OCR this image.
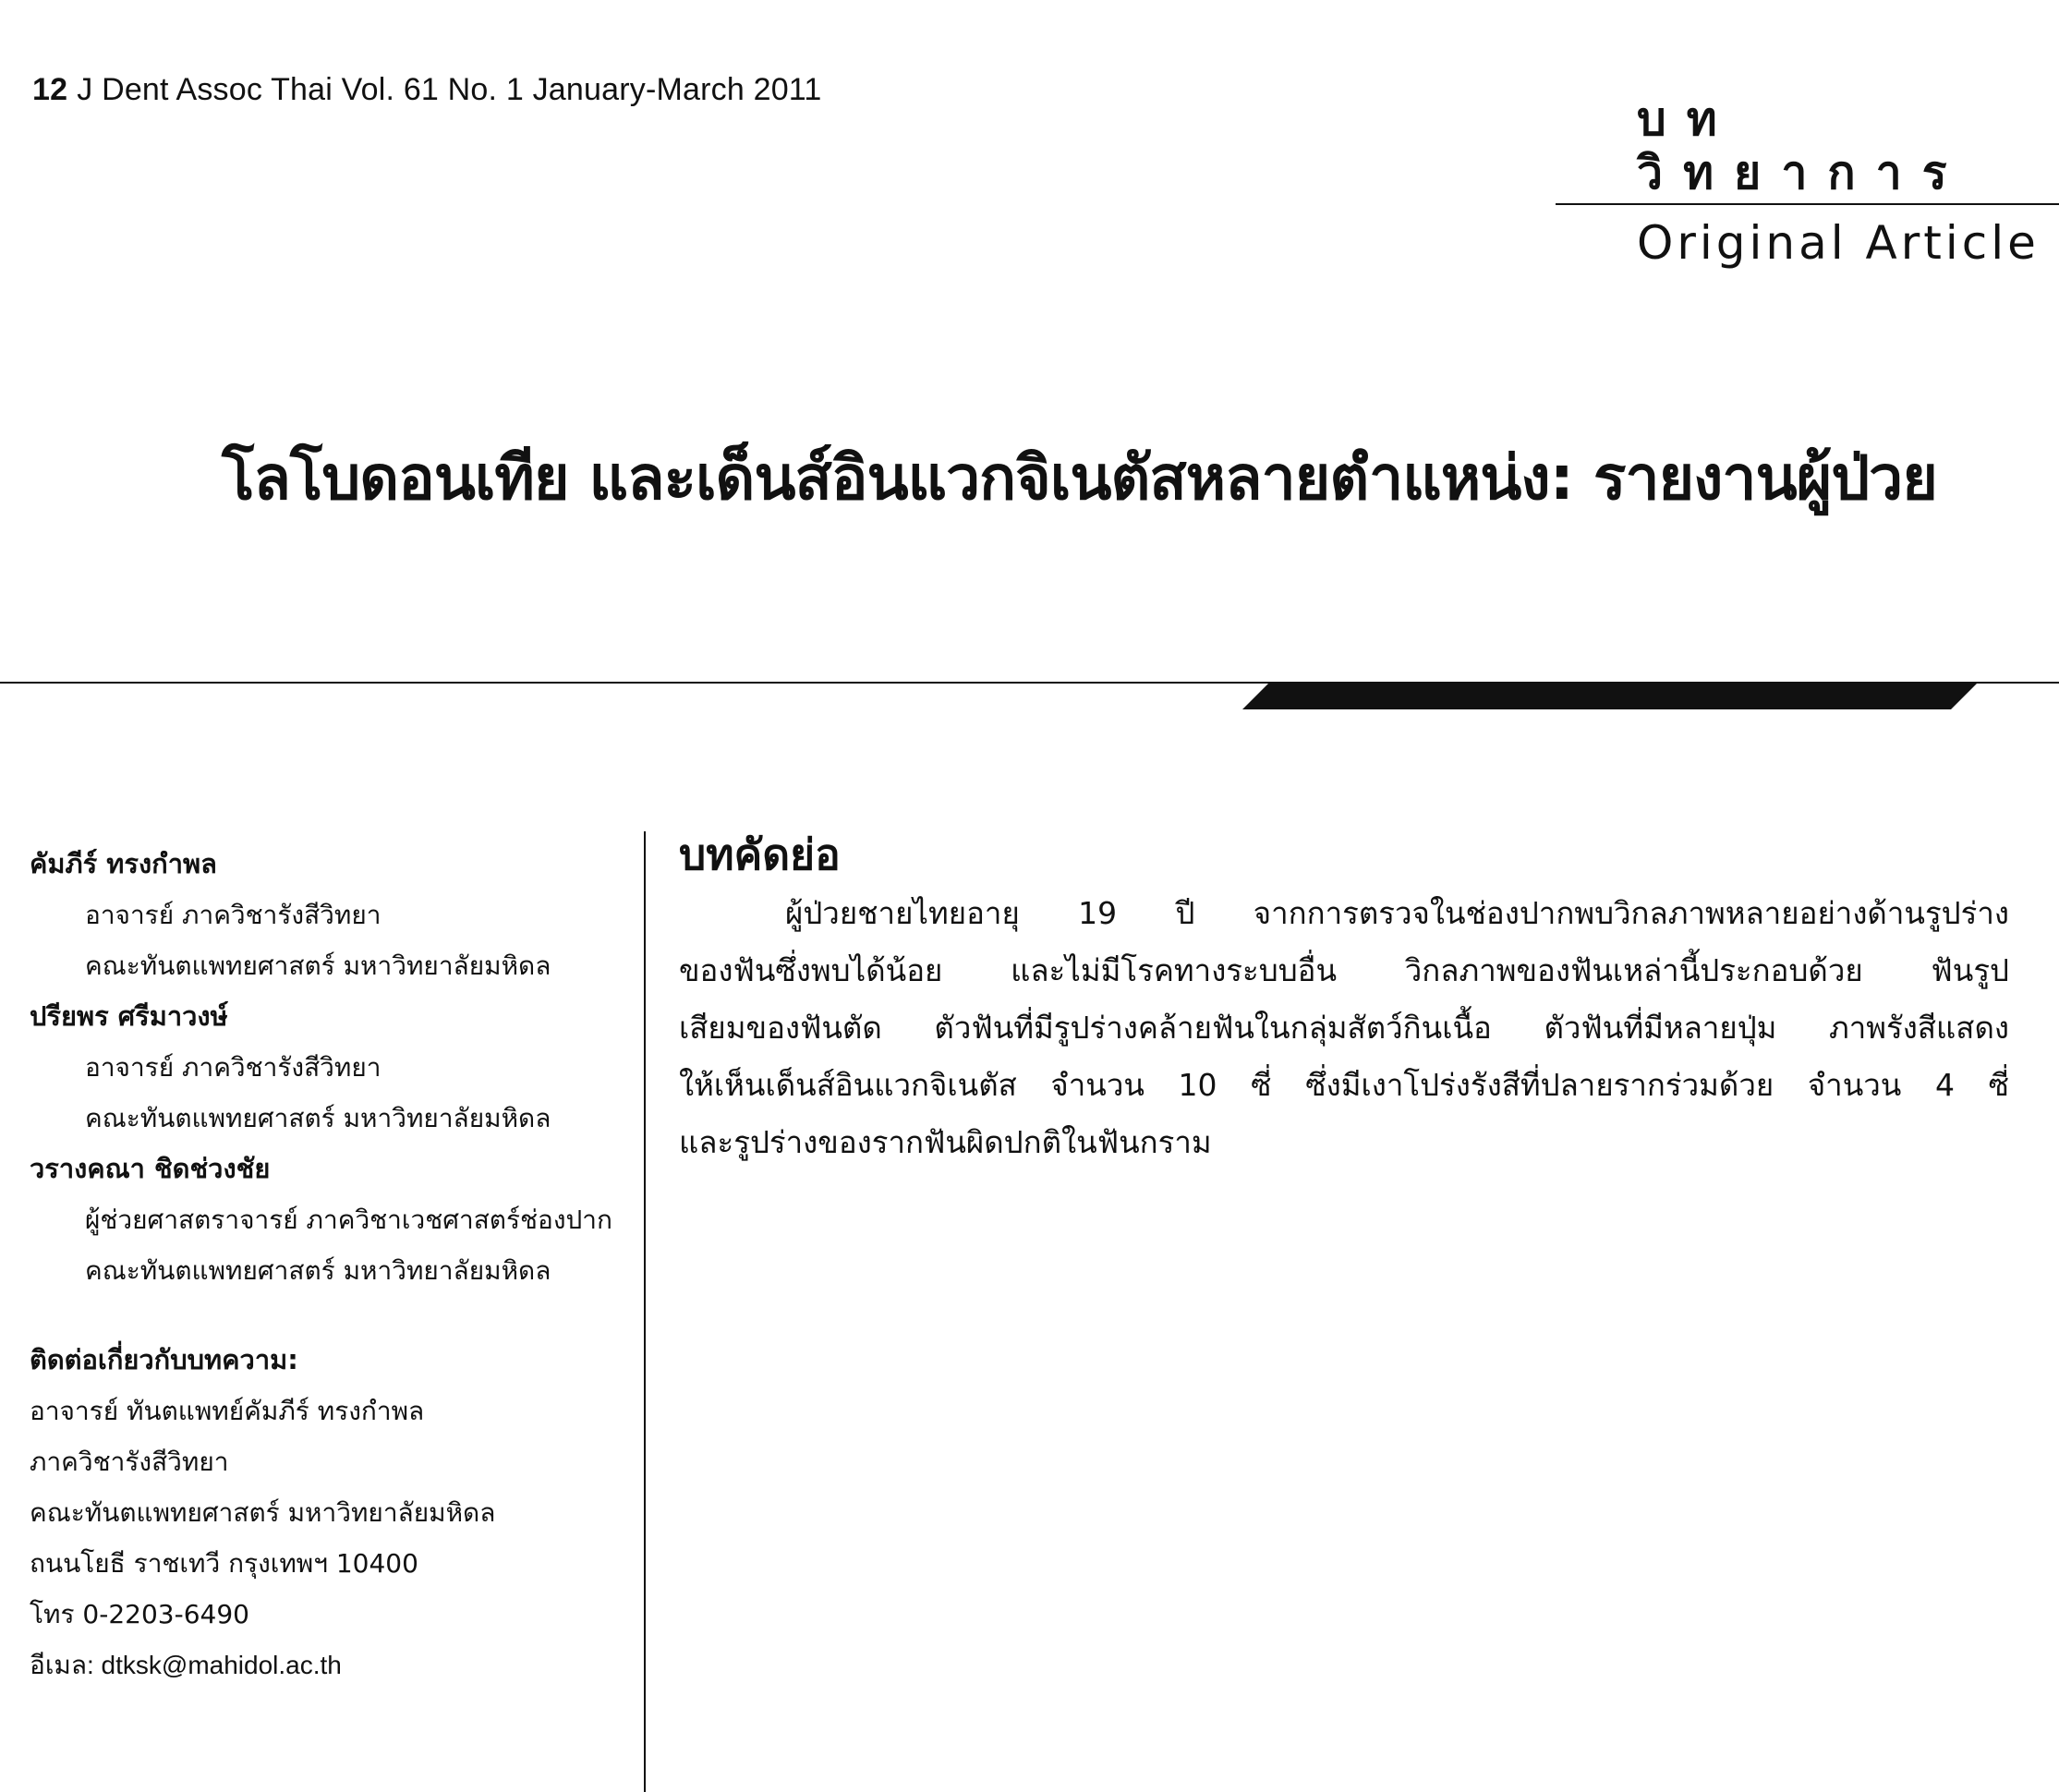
12 J Dent Assoc Thai Vol. 61 No. 1 January-March 2011
บทวิทยาการ
Original Article
โลโบดอนเทีย และเด็นส์อินแวกจิเนตัสหลายตำแหน่ง: รายงานผู้ป่วย
คัมภีร์ ทรงกำพล
อาจารย์ ภาควิชารังสีวิทยา
คณะทันตแพทยศาสตร์ มหาวิทยาลัยมหิดล
ปรียพร ศรีมาวงษ์
อาจารย์ ภาควิชารังสีวิทยา
คณะทันตแพทยศาสตร์ มหาวิทยาลัยมหิดล
วรางคณา ชิดช่วงชัย
ผู้ช่วยศาสตราจารย์ ภาควิชาเวชศาสตร์ช่องปาก
คณะทันตแพทยศาสตร์ มหาวิทยาลัยมหิดล
ติดต่อเกี่ยวกับบทความ:
อาจารย์ ทันตแพทย์คัมภีร์ ทรงกำพล
ภาควิชารังสีวิทยา
คณะทันตแพทยศาสตร์ มหาวิทยาลัยมหิดล
ถนนโยธี ราชเทวี กรุงเทพฯ 10400
โทร 0-2203-6490
อีเมล: dtksk@mahidol.ac.th
บทคัดย่อ
ผู้ป่วยชายไทยอายุ 19 ปี จากการตรวจในช่องปากพบวิกลภาพหลายอย่างด้านรูปร่าง
ของฟันซึ่งพบได้น้อย และไม่มีโรคทางระบบอื่น วิกลภาพของฟันเหล่านี้ประกอบด้วย ฟันรูป
เสียมของฟันตัด ตัวฟันที่มีรูปร่างคล้ายฟันในกลุ่มสัตว์กินเนื้อ ตัวฟันที่มีหลายปุ่ม ภาพรังสีแสดง
ให้เห็นเด็นส์อินแวกจิเนตัส จำนวน 10 ซี่ ซึ่งมีเงาโปร่งรังสีที่ปลายรากร่วมด้วย จำนวน 4 ซี่
และรูปร่างของรากฟันผิดปกติในฟันกราม
